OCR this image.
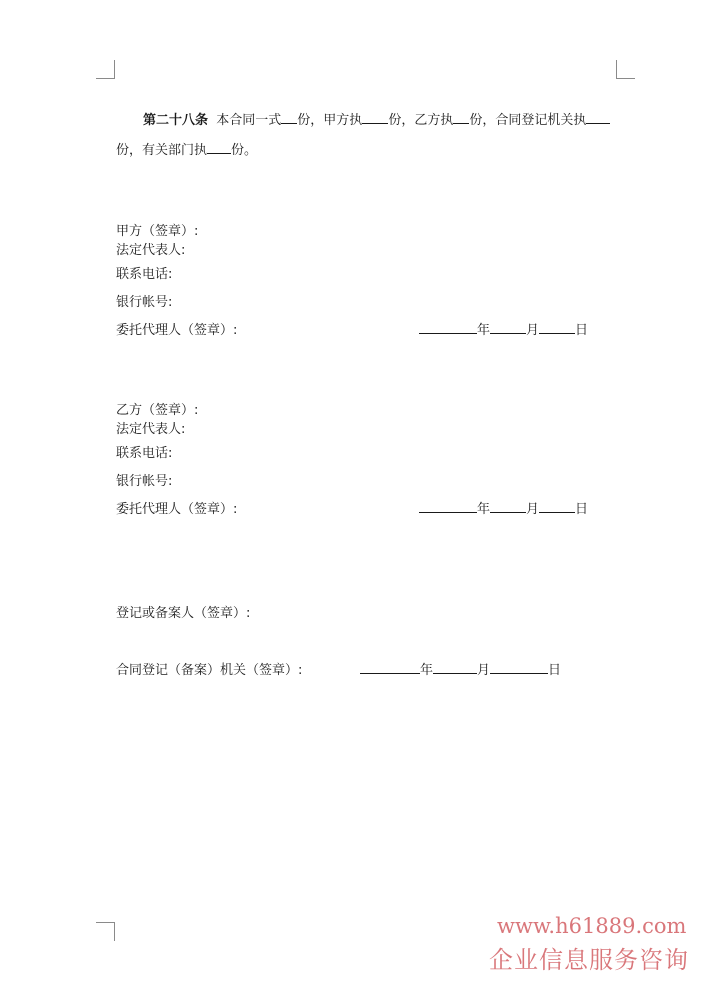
第二十八条 本合同一式 份，甲方执 份，乙方执 份，合同登记机关执份，有关部门执 份。
甲方（签章）:
法定代表人:
联系电话:
银行帐号:
委托代理人（签章）:	年	月	日
乙方（签章）:
法定代表人:
联系电话:
银行帐号:
委托代理人（签章）:	年	月	日
登记或备案人（签章）:
合同登记（备案）机关（签章）:	年	月	日
www.h61889.com
企业信息服务咨询
